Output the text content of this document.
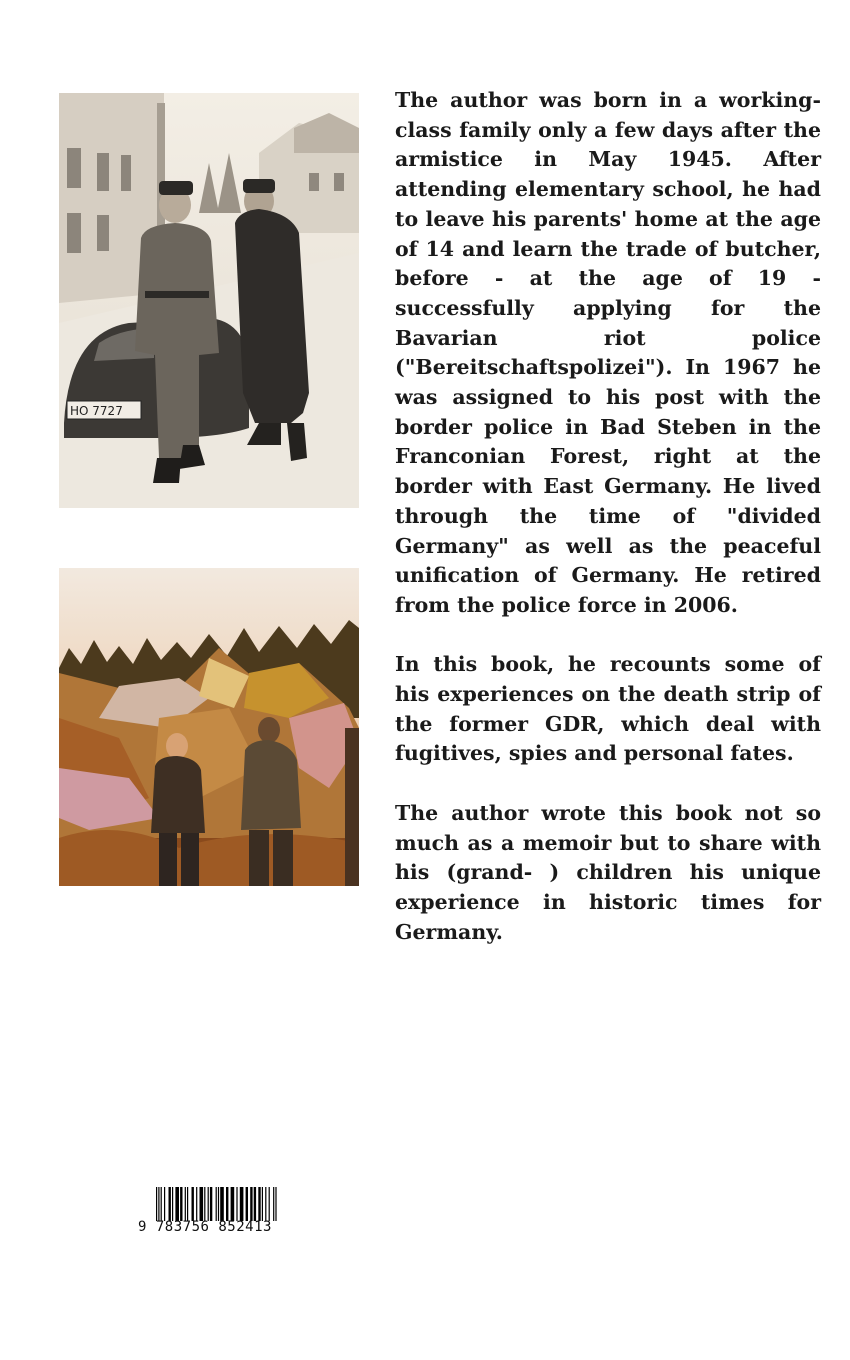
HO 7727

The author was born in a working-class family only a few days after the armistice in May 1945. After attending elementary school, he had to leave his parents' home at the age of 14 and learn the trade of butcher, before - at the age of 19 - successfully applying for the Bavarian riot police ("Bereitschaftspolizei"). In 1967 he was assigned to his post with the border police in Bad Steben in the Franconian Forest, right at the border with East Germany. He lived through the time of "divided Germany" as well as the peaceful unification of Germany. He retired from the police force in 2006.

In this book, he recounts some of his experiences on the death strip of the former GDR, which deal with fugitives, spies and personal fates.

The author wrote this book not so much as a memoir but to share with his (grand- ) children his unique experience in historic times for Germany.

9 783756 852413
